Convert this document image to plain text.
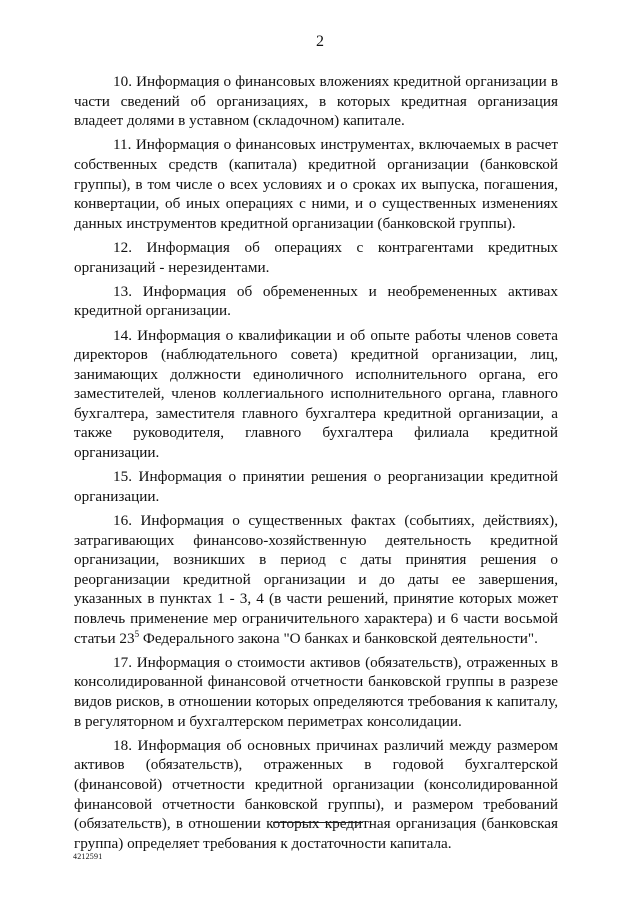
2

10. Информация о финансовых вложениях кредитной организации в части сведений об организациях, в которых кредитная организация владеет долями в уставном (складочном) капитале.

11. Информация о финансовых инструментах, включаемых в расчет собственных средств (капитала) кредитной организации (банковской группы), в том числе о всех условиях и о сроках их выпуска, погашения, конвертации, об иных операциях с ними, и о существенных изменениях данных инструментов кредитной организации (банковской группы).

12. Информация об операциях с контрагентами кредитных организаций - нерезидентами.

13. Информация об обремененных и необремененных активах кредитной организации.

14. Информация о квалификации и об опыте работы членов совета директоров (наблюдательного совета) кредитной организации, лиц, занимающих должности единоличного исполнительного органа, его заместителей, членов коллегиального исполнительного органа, главного бухгалтера, заместителя главного бухгалтера кредитной организации, а также руководителя, главного бухгалтера филиала кредитной организации.

15. Информация о принятии решения о реорганизации кредитной организации.

16. Информация о существенных фактах (событиях, действиях), затрагивающих финансово-хозяйственную деятельность кредитной организации, возникших в период с даты принятия решения о реорганизации кредитной организации и до даты ее завершения, указанных в пунктах 1 - 3, 4 (в части решений, принятие которых может повлечь применение мер ограничительного характера) и 6 части восьмой статьи $23^5$ Федерального закона "О банках и банковской деятельности".

17. Информация о стоимости активов (обязательств), отраженных в консолидированной финансовой отчетности банковской группы в разрезе видов рисков, в отношении которых определяются требования к капиталу, в регуляторном и бухгалтерском периметрах консолидации.

18. Информация об основных причинах различий между размером активов (обязательств), отраженных в годовой бухгалтерской (финансовой) отчетности кредитной организации (консолидированной финансовой отчетности банковской группы), и размером требований (обязательств), в отношении которых кредитная организация (банковская группа) определяет требования к достаточности капитала.

4212591
